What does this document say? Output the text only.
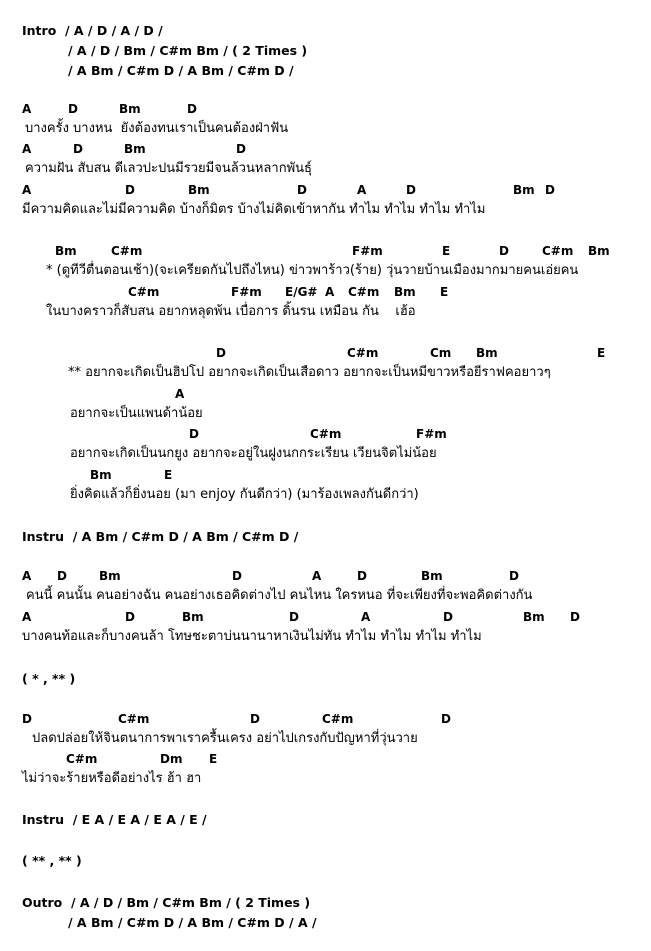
Intro  / A / D / A / D /
/ A / D / Bm / C#m Bm / ( 2 Times )
/ A Bm / C#m D / A Bm / C#m D /
A	D	Bm	D
บางครั้ง บางหน  ยังต้องทนเราเป็นคนต้องฝ่าฟัน
A	D	Bm	D
ความฝัน สับสน ดีเลวปะปนมีรวยมีจนล้วนหลากพันธุ์
A	D	Bm	D	A	D	Bm D
มีความคิดและไม่มีความคิด บ้างก็มิตร บ้างไม่คิดเข้าหากัน ทำไม ทำไม ทำไม ทำไม
Bm	C#m	F#m	E	D	C#m Bm
* (ดูทีวีตื่นตอนเช้า)(จะเครียดกันไปถึงไหน) ข่าวพาร้าว(ร้าย) วุ่นวายบ้านเมืองมากมายคนเอ่ยคน
C#m	F#m E/G# A C#m Bm E
ในบางคราวก็สับสน อยากหลุดพ้น เบื่อการ ดิ้นรน เหมือน กัน    เฮ้อ
D	C#m	Cm Bm	E
** อยากจะเกิดเป็นฮิปโป อยากจะเกิดเป็นเสือดาว อยากจะเป็นหมีขาวหรือยีราฟคอยาวๆ
A
อยากจะเป็นแพนด้าน้อย
D	C#m	F#m
อยากจะเกิดเป็นนกยูง อยากจะอยู่ในฝูงนกกระเรียน เวียนจิตไม่น้อย
Bm	E
ยิ่งคิดแล้วก็ยิ่งนอย (มา enjoy กันดีกว่า) (มาร้องเพลงกันดีกว่า)
Instru  / A Bm / C#m D / A Bm / C#m D /
A D	Bm	D	A	D	Bm	D
คนนี้ คนนั้น คนอย่างฉัน คนอย่างเธอคิดต่างไป คนไหน ใครหนอ ที่จะเพียงที่จะพอคิดต่างกัน
A	D	Bm	D	A	D	Bm D
บางคนท้อและก็บางคนล้า โทษชะตาบ่นนานาหาเงินไม่ทัน ทำไม ทำไม ทำไม ทำไม
( * , ** )
D	C#m	D	C#m	D
ปลดปล่อยให้จินตนาการพาเราครื้นเครง อย่าไปเกรงกับปัญหาที่วุ่นวาย
C#m	Dm E
ไม่ว่าจะร้ายหรือดีอย่างไร ฮ้า ฮา
Instru  / E A / E A / E A / E /
( ** , ** )
Outro  / A / D / Bm / C#m Bm / ( 2 Times )
/ A Bm / C#m D / A Bm / C#m D / A /
